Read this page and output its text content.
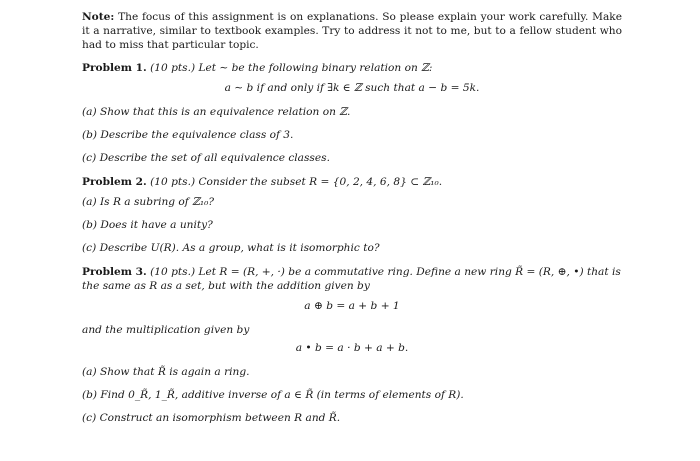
Note: The focus of this assignment is on explanations. So please explain your work carefully. Make it a narrative, similar to textbook examples. Try to address it not to me, but to a fellow student who had to miss that particular topic.

Problem 1. (10 pts.) Let ∼ be the following binary relation on ℤ:

a ∼ b if and only if ∃k ∈ ℤ such that a − b = 5k.

(a) Show that this is an equivalence relation on ℤ.

(b) Describe the equivalence class of 3.

(c) Describe the set of all equivalence classes.

Problem 2. (10 pts.) Consider the subset R = {0, 2, 4, 6, 8} ⊂ ℤ₁₀.

(a) Is R a subring of ℤ₁₀?

(b) Does it have a unity?

(c) Describe U(R). As a group, what is it isomorphic to?

Problem 3. (10 pts.) Let R = (R, +, ·) be a commutative ring. Define a new ring R̃ = (R, ⊕, •) that is the same as R as a set, but with the addition given by

a ⊕ b = a + b + 1

and the multiplication given by

a • b = a · b + a + b.

(a) Show that R̃ is again a ring.

(b) Find 0_R̃, 1_R̃, additive inverse of a ∈ R̃ (in terms of elements of R).

(c) Construct an isomorphism between R and R̃.
